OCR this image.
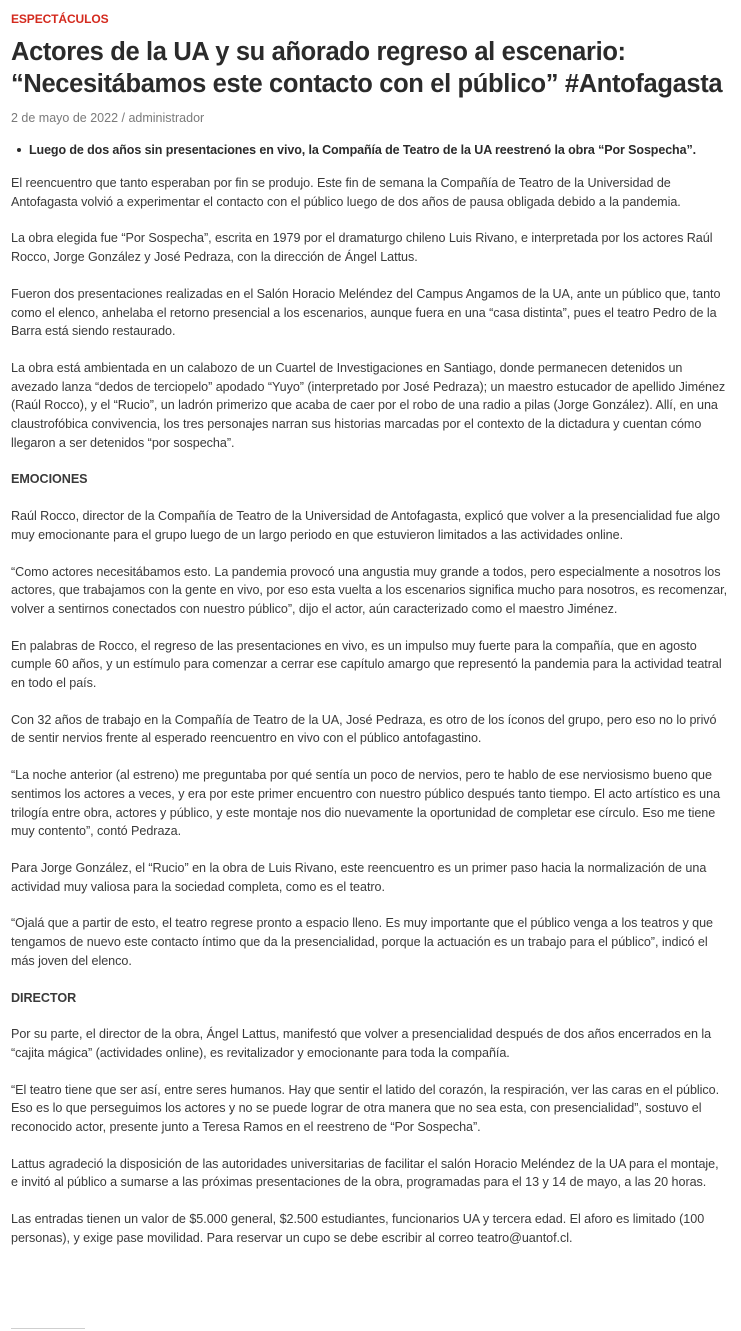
ESPECTÁCULOS
Actores de la UA y su añorado regreso al escenario: “Necesitábamos este contacto con el público” #Antofagasta
2 de mayo de 2022 / administrador
Luego de dos años sin presentaciones en vivo, la Compañía de Teatro de la UA reestrenó la obra “Por Sospecha”.

El reencuentro que tanto esperaban por fin se produjo. Este fin de semana la Compañía de Teatro de la Universidad de Antofagasta volvió a experimentar el contacto con el público luego de dos años de pausa obligada debido a la pandemia.

La obra elegida fue “Por Sospecha”, escrita en 1979 por el dramaturgo chileno Luis Rivano, e interpretada por los actores Raúl Rocco, Jorge González y José Pedraza, con la dirección de Ángel Lattus.

Fueron dos presentaciones realizadas en el Salón Horacio Meléndez del Campus Angamos de la UA, ante un público que, tanto como el elenco, anhelaba el retorno presencial a los escenarios, aunque fuera en una “casa distinta”, pues el teatro Pedro de la Barra está siendo restaurado.

La obra está ambientada en un calabozo de un Cuartel de Investigaciones en Santiago, donde permanecen detenidos un avezado lanza “dedos de terciopelo” apodado “Yuyo” (interpretado por José Pedraza); un maestro estucador de apellido Jiménez (Raúl Rocco), y el “Rucio”, un ladrón primerizo que acaba de caer por el robo de una radio a pilas (Jorge González). Allí, en una claustrofóbica convivencia, los tres personajes narran sus historias marcadas por el contexto de la dictadura y cuentan cómo llegaron a ser detenidos “por sospecha”.

EMOCIONES

Raúl Rocco, director de la Compañía de Teatro de la Universidad de Antofagasta, explicó que volver a la presencialidad fue algo muy emocionante para el grupo luego de un largo periodo en que estuvieron limitados a las actividades online.

“Como actores necesitábamos esto. La pandemia provocó una angustia muy grande a todos, pero especialmente a nosotros los actores, que trabajamos con la gente en vivo, por eso esta vuelta a los escenarios significa mucho para nosotros, es recomenzar, volver a sentirnos conectados con nuestro público”, dijo el actor, aún caracterizado como el maestro Jiménez.

En palabras de Rocco, el regreso de las presentaciones en vivo, es un impulso muy fuerte para la compañía, que en agosto cumple 60 años, y un estímulo para comenzar a cerrar ese capítulo amargo que representó la pandemia para la actividad teatral en todo el país.

Con 32 años de trabajo en la Compañía de Teatro de la UA, José Pedraza, es otro de los íconos del grupo, pero eso no lo privó de sentir nervios frente al esperado reencuentro en vivo con el público antofagastino.

“La noche anterior (al estreno) me preguntaba por qué sentía un poco de nervios, pero te hablo de ese nerviosismo bueno que sentimos los actores a veces, y era por este primer encuentro con nuestro público después tanto tiempo. El acto artístico es una trilogía entre obra, actores y público, y este montaje nos dio nuevamente la oportunidad de completar ese círculo. Eso me tiene muy contento”, contó Pedraza.

Para Jorge González, el “Rucio” en la obra de Luis Rivano, este reencuentro es un primer paso hacia la normalización de una actividad muy valiosa para la sociedad completa, como es el teatro.

“Ojalá que a partir de esto, el teatro regrese pronto a espacio lleno. Es muy importante que el público venga a los teatros y que tengamos de nuevo este contacto íntimo que da la presencialidad, porque la actuación es un trabajo para el público”, indicó el más joven del elenco.

DIRECTOR

Por su parte, el director de la obra, Ángel Lattus, manifestó que volver a presencialidad después de dos años encerrados en la “cajita mágica” (actividades online), es revitalizador y emocionante para toda la compañía.

“El teatro tiene que ser así, entre seres humanos. Hay que sentir el latido del corazón, la respiración, ver las caras en el público. Eso es lo que perseguimos los actores y no se puede lograr de otra manera que no sea esta, con presencialidad”, sostuvo el reconocido actor, presente junto a Teresa Ramos en el reestreno de “Por Sospecha”.

Lattus agradeció la disposición de las autoridades universitarias de facilitar el salón Horacio Meléndez de la UA para el montaje, e invitó al público a sumarse a las próximas presentaciones de la obra, programadas para el 13 y 14 de mayo, a las 20 horas.

Las entradas tienen un valor de $5.000 general, $2.500 estudiantes, funcionarios UA y tercera edad. El aforo es limitado (100 personas), y exige pase movilidad. Para reservar un cupo se debe escribir al correo teatro@uantof.cl.
